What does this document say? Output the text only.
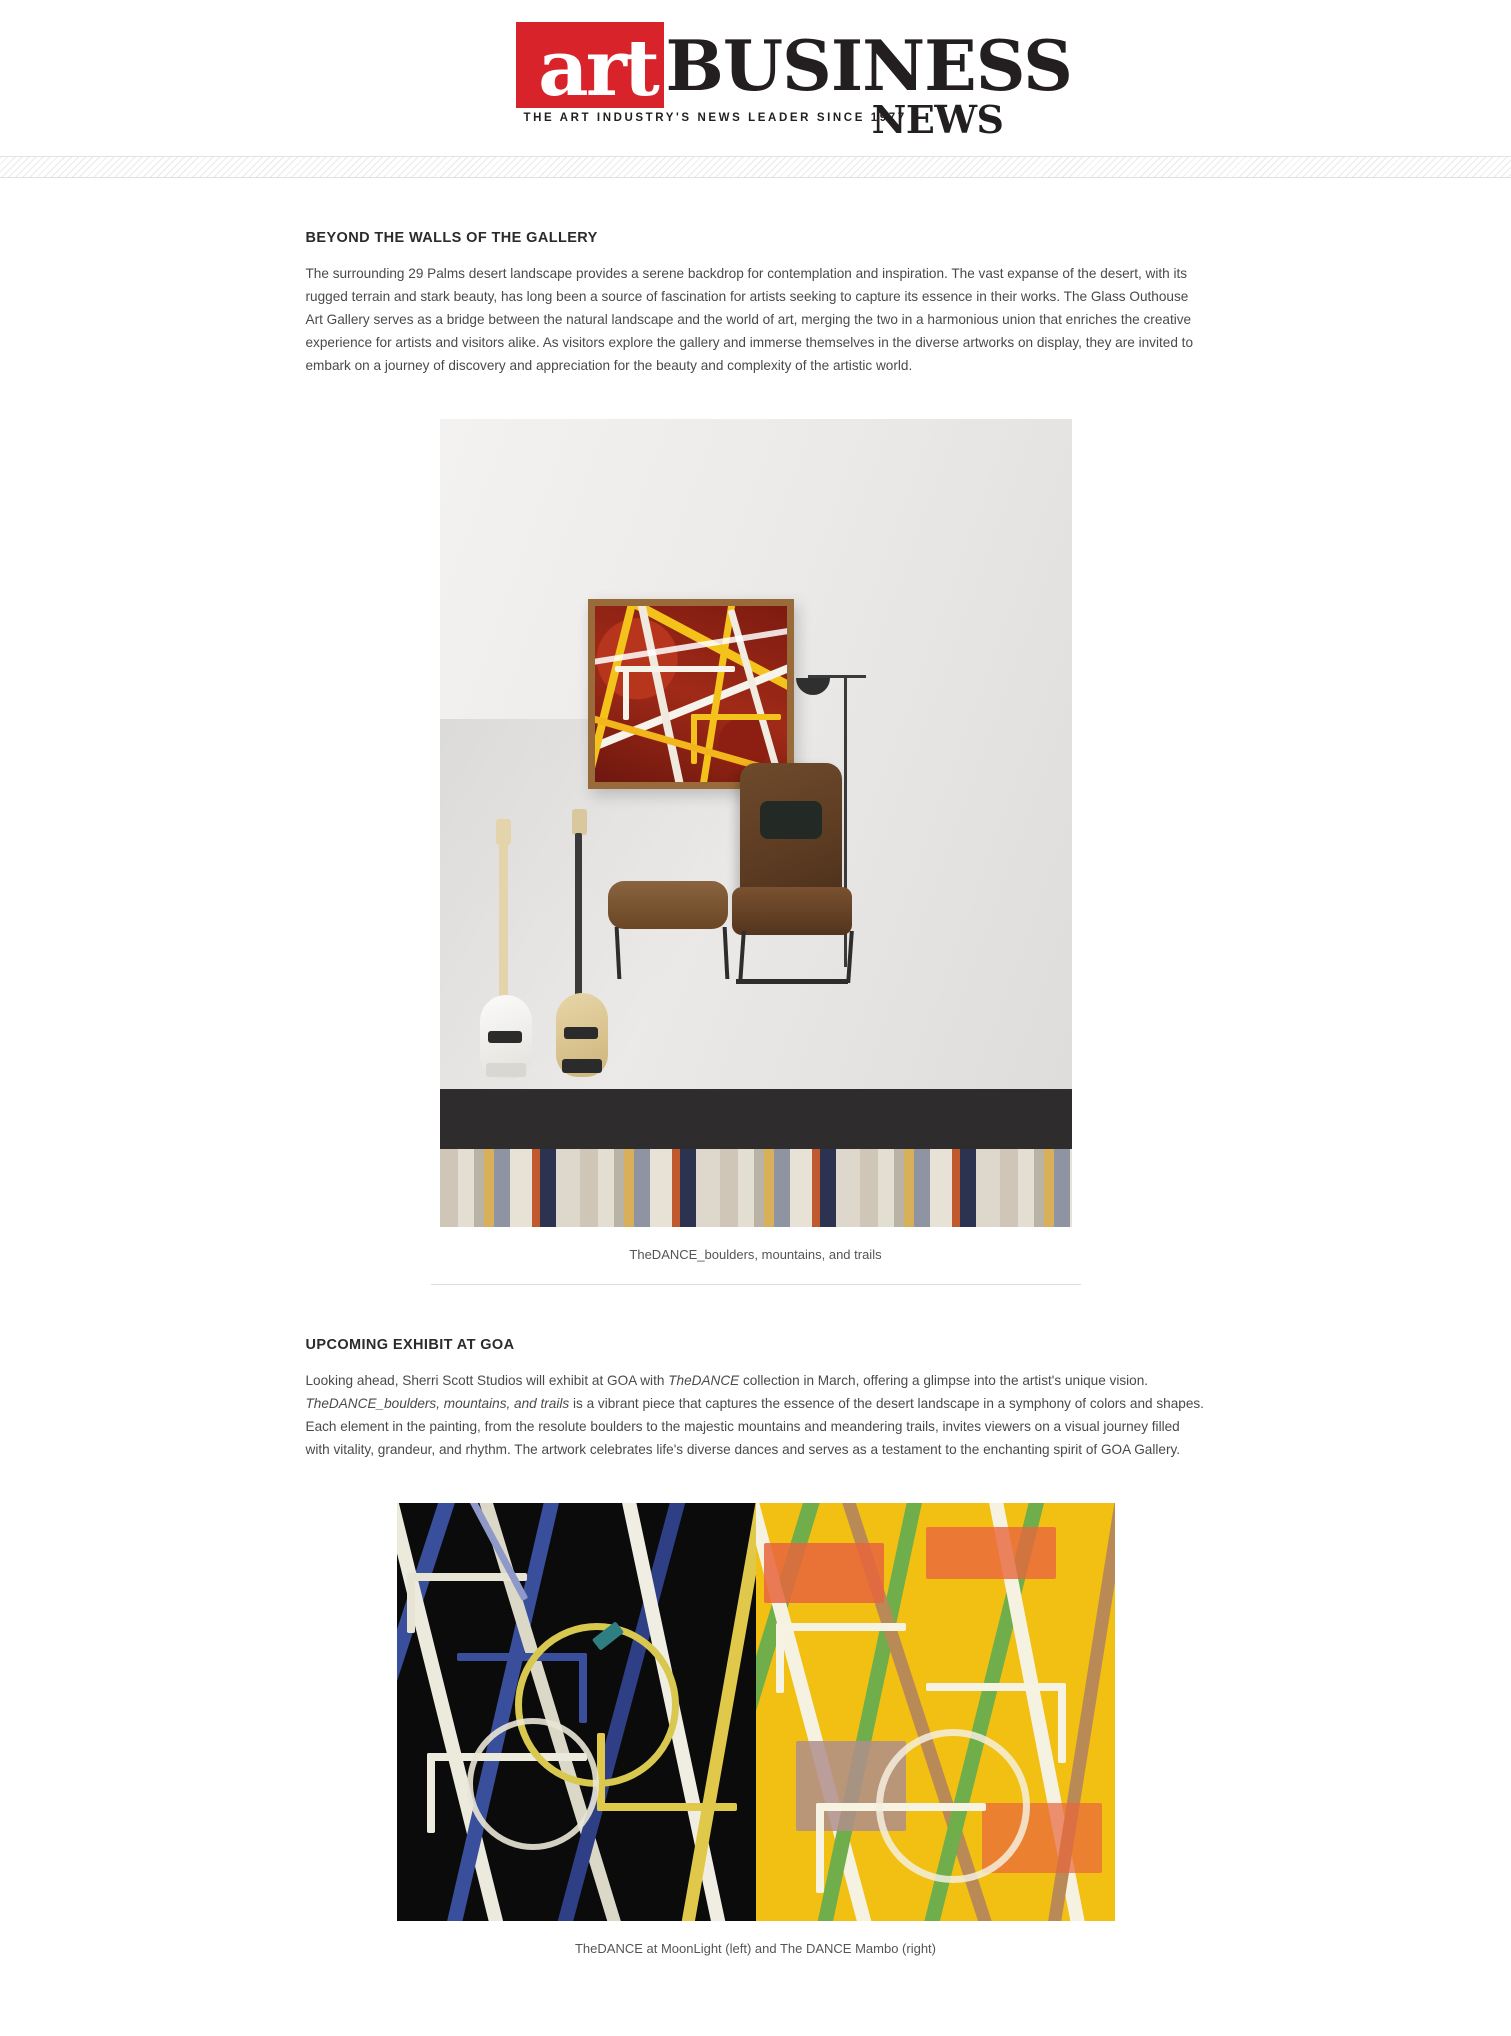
art BUSINESS
THE ART INDUSTRY'S NEWS LEADER SINCE 1977
NEWS
BEYOND THE WALLS OF THE GALLERY

The surrounding 29 Palms desert landscape provides a serene backdrop for contemplation and inspiration. The vast expanse of the desert, with its rugged terrain and stark beauty, has long been a source of fascination for artists seeking to capture its essence in their works. The Glass Outhouse Art Gallery serves as a bridge between the natural landscape and the world of art, merging the two in a harmonious union that enriches the creative experience for artists and visitors alike. As visitors explore the gallery and immerse themselves in the diverse artworks on display, they are invited to embark on a journey of discovery and appreciation for the beauty and complexity of the artistic world.

TheDANCE_boulders, mountains, and trails
UPCOMING EXHIBIT AT GOA

Looking ahead, Sherri Scott Studios will exhibit at GOA with TheDANCE collection in March, offering a glimpse into the artist's unique vision. TheDANCE_boulders, mountains, and trails is a vibrant piece that captures the essence of the desert landscape in a symphony of colors and shapes. Each element in the painting, from the resolute boulders to the majestic mountains and meandering trails, invites viewers on a visual journey filled with vitality, grandeur, and rhythm. The artwork celebrates life's diverse dances and serves as a testament to the enchanting spirit of GOA Gallery.

TheDANCE at MoonLight (left) and The DANCE Mambo (right)
